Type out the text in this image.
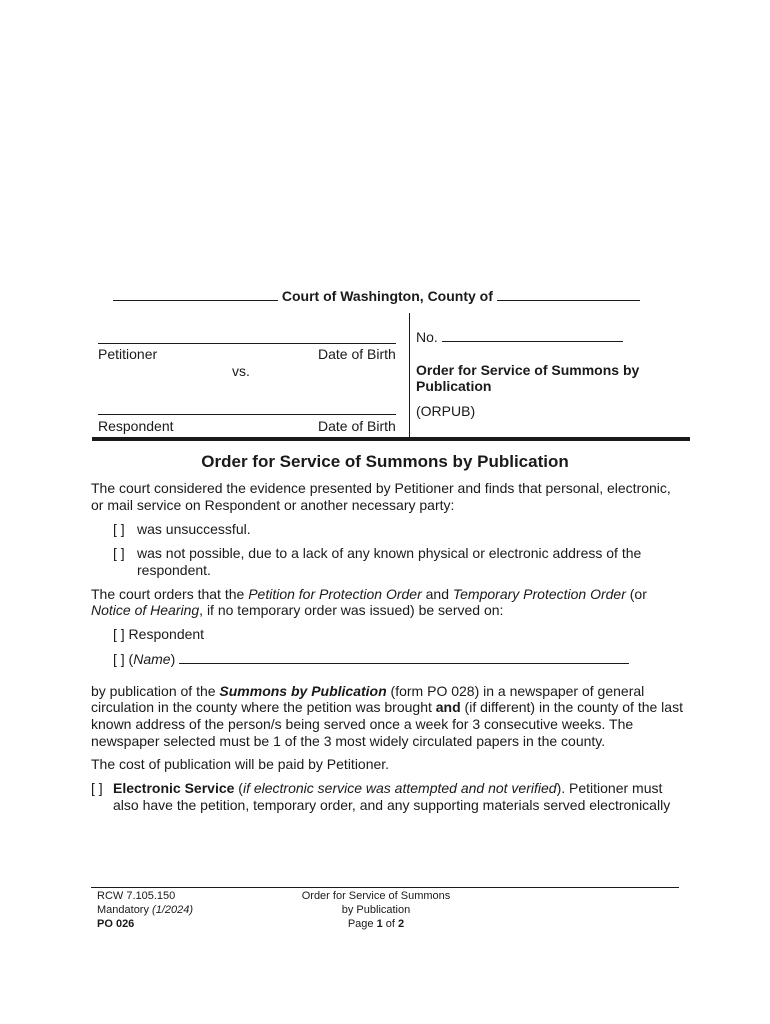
Court of Washington, County of
Petitioner	Date of Birth
vs.
Respondent	Date of Birth
No.
Order for Service of Summons by
Publication
(ORPUB)
Order for Service of Summons by Publication
The court considered the evidence presented by Petitioner and finds that personal, electronic,
or mail service on Respondent or another necessary party:
[ ] was unsuccessful.
[ ] was not possible, due to a lack of any known physical or electronic address of the
respondent.
The court orders that the Petition for Protection Order and Temporary Protection Order (or
Notice of Hearing, if no temporary order was issued) be served on:
[ ] Respondent
[ ] (Name)
by publication of the Summons by Publication (form PO 028) in a newspaper of general
circulation in the county where the petition was brought and (if different) in the county of the last
known address of the person/s being served once a week for 3 consecutive weeks. The
newspaper selected must be 1 of the 3 most widely circulated papers in the county.
The cost of publication will be paid by Petitioner.
[ ] Electronic Service (if electronic service was attempted and not verified). Petitioner must
also have the petition, temporary order, and any supporting materials served electronically
RCW 7.105.150
Mandatory (1/2024)
PO 026
Order for Service of Summons
by Publication
Page 1 of 2
